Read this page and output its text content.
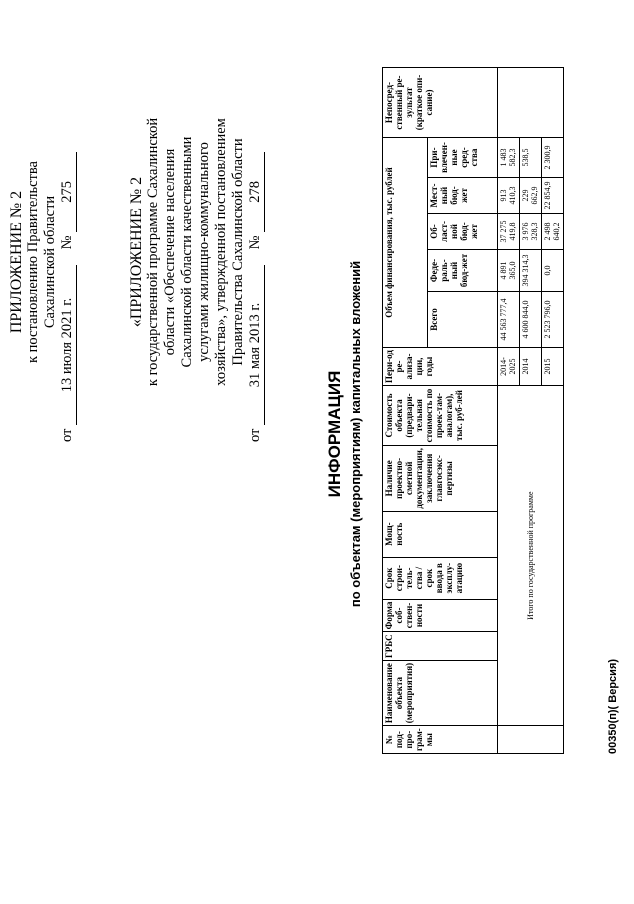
ПРИЛОЖЕНИЕ № 2 к постановлению Правительства Сахалинской области
от 13 июля 2021 г. № 275	«ПРИЛОЖЕНИЕ № 2 к государственной программе Сахалинской области «Обеспечение населения Сахалинской области качественными услугами жилищно-коммунального хозяйства», утвержденной постановлением Правительства Сахалинской области
от 31 мая 2013 г. № 278
ИНФОРМАЦИЯ по объектам (мероприятиям) капитальных вложений
№ под-про-грам-мы	Наименование объекта (мероприятия)	ГРБС	Форма соб-ствен-ности	Срок строи-тель-ства / срок ввода в эксплу-атацию	Мощ-ность	Наличие проектно-сметной документации, заключения главгосэкс-пертизы	Стоимость объекта (предвари-тельная стоимость по проек-там-аналогам), тыс. руб-лей	Пери-од ре-ализа-ции, годы	Объем финансирования, тыс. рублей					Непосред-ственный ре-зультат (краткое опи-сание)
									Всего	Феде-раль-ный бюд-жет	Об-ласт-ной бюд-жет	Мест-ный бюд-жет	При-влечен-ные сред-ства	
	Итого по государственной программе							2014-2025	44 563 777,4	4 891 365,0	37 275 419,8	913 410,3	1 483 582,3	
								2014	4 600 844,0	394 314,3	3 976 328,3	229 662,9	538,5	
								2015	2 523 796,0	0,0	2 498 640,2	22 854,9	2 300,9	
00350(п)( Версия)
